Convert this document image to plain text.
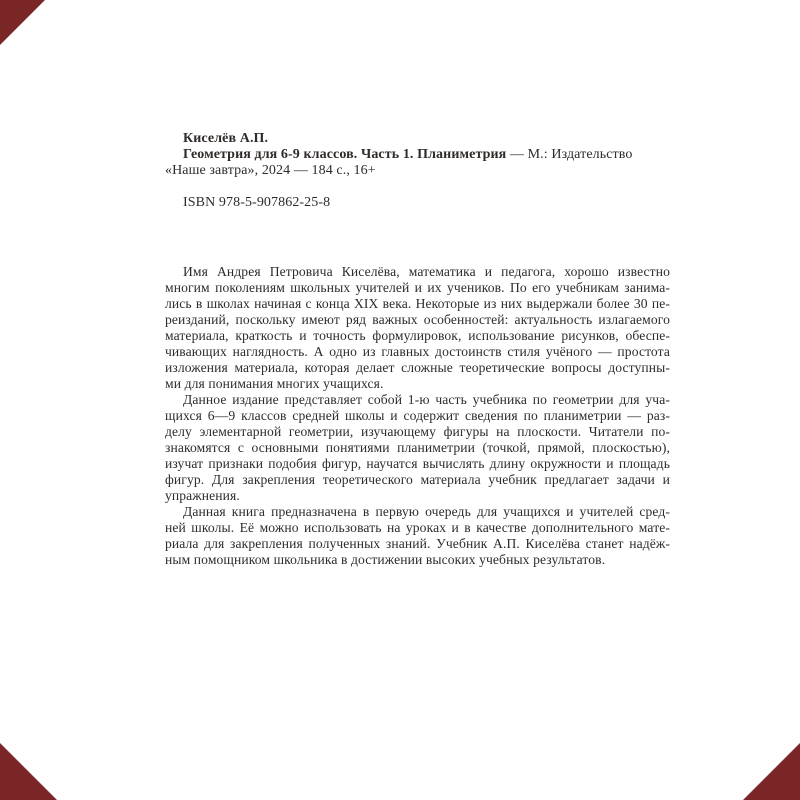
Киселёв А.П.
Геометрия для 6-9 классов. Часть 1. Планиметрия — М.: Издательство
«Наше завтра», 2024 — 184 с., 16+
ISBN 978-5-907862-25-8
Имя Андрея Петровича Киселёва, математика и педагога, хорошо известно
многим поколениям школьных учителей и их учеников. По его учебникам занима-
лись в школах начиная с конца XIX века. Некоторые из них выдержали более 30 пе-
реизданий, поскольку имеют ряд важных особенностей: актуальность излагаемого
материала, краткость и точность формулировок, использование рисунков, обеспе-
чивающих наглядность. А одно из главных достоинств стиля учёного — простота
изложения материала, которая делает сложные теоретические вопросы доступны-
ми для понимания многих учащихся.
Данное издание представляет собой 1-ю часть учебника по геометрии для уча-
щихся 6—9 классов средней школы и содержит сведения по планиметрии — раз-
делу элементарной геометрии, изучающему фигуры на плоскости. Читатели по-
знакомятся с основными понятиями планиметрии (точкой, прямой, плоскостью),
изучат признаки подобия фигур, научатся вычислять длину окружности и площадь
фигур. Для закрепления теоретического материала учебник предлагает задачи и
упражнения.
Данная книга предназначена в первую очередь для учащихся и учителей сред-
ней школы. Её можно использовать на уроках и в качестве дополнительного мате-
риала для закрепления полученных знаний. Учебник А.П. Киселёва станет надёж-
ным помощником школьника в достижении высоких учебных результатов.
